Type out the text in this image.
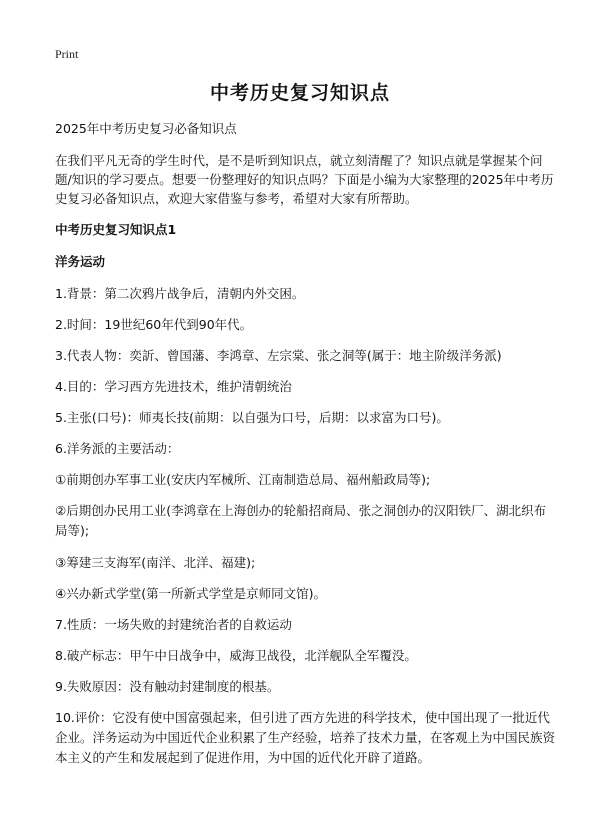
Print
中考历史复习知识点

2025年中考历史复习必备知识点

在我们平凡无奇的学生时代，是不是听到知识点，就立刻清醒了？知识点就是掌握某个问题/知识的学习要点。想要一份整理好的知识点吗？下面是小编为大家整理的2025年中考历史复习必备知识点，欢迎大家借鉴与参考，希望对大家有所帮助。

中考历史复习知识点1

洋务运动

1.背景：第二次鸦片战争后，清朝内外交困。

2.时间：19世纪60年代到90年代。

3.代表人物：奕訢、曾国藩、李鸿章、左宗棠、张之洞等(属于：地主阶级洋务派)

4.目的：学习西方先进技术，维护清朝统治

5.主张(口号)：师夷长技(前期：以自强为口号，后期：以求富为口号)。

6.洋务派的主要活动：

①前期创办军事工业(安庆内军械所、江南制造总局、福州船政局等);

②后期创办民用工业(李鸿章在上海创办的轮船招商局、张之洞创办的汉阳铁厂、湖北织布局等);

③筹建三支海军(南洋、北洋、福建);

④兴办新式学堂(第一所新式学堂是京师同文馆)。

7.性质：一场失败的封建统治者的自救运动

8.破产标志：甲午中日战争中，威海卫战役，北洋舰队全军覆没。

9.失败原因：没有触动封建制度的根基。

10.评价：它没有使中国富强起来，但引进了西方先进的科学技术，使中国出现了一批近代企业。洋务运动为中国近代企业积累了生产经验，培养了技术力量，在客观上为中国民族资本主义的产生和发展起到了促进作用，为中国的近代化开辟了道路。
